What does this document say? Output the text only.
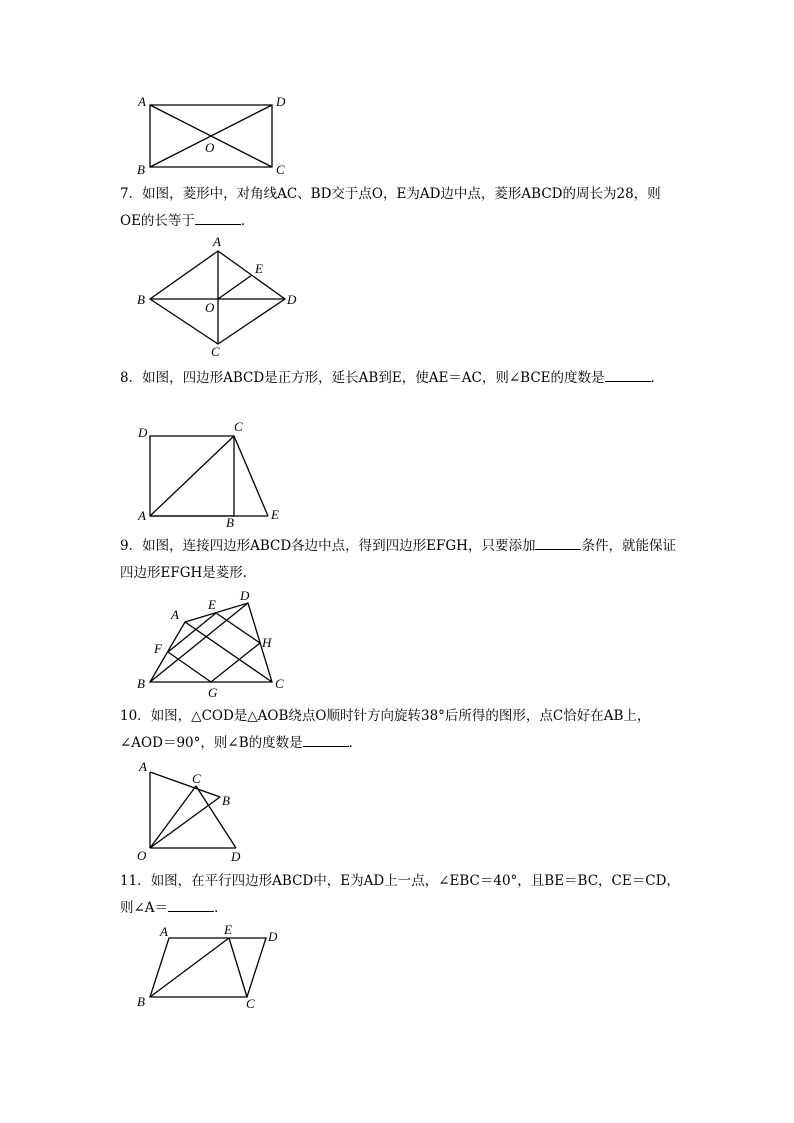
A	D
B	C
O
A
E
B	D
O
C
D	C
A	B
E
A
E
D
F	H
B
G
C
A
C
B
O	D
A	E	D
B	C
7．如图，菱形中，对角线AC、BD交于点O，E为AD边中点，菱形ABCD的周长为28，则OE的长等于	．
8．如图，四边形ABCD是正方形，延长AB到E，使AE＝AC，则∠BCE的度数是	．
9．如图，连接四边形ABCD各边中点，得到四边形EFGH，只要添加	条件，就能保证四边形EFGH是菱形．
10．如图，△COD是△AOB绕点O顺时针方向旋转38°后所得的图形，点C恰好在AB上，∠AOD＝90°，则∠B的度数是	．
11．如图，在平行四边形ABCD中，E为AD上一点，∠EBC＝40°，且BE＝BC，CE＝CD，则∠A＝	．
